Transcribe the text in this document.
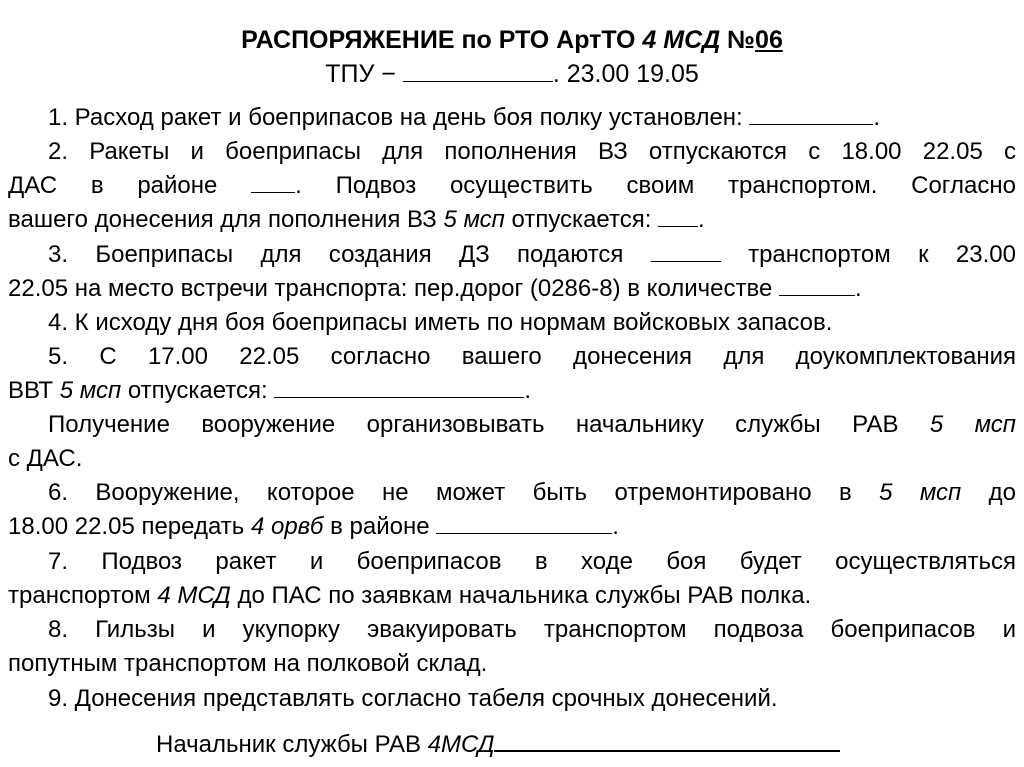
РАСПОРЯЖЕНИЕ по РТО АртТО 4 МСД №06
ТПУ −	. 23.00 19.05
1. Расход ракет и боеприпасов на день боя полку установлен:	.
2. Ракеты и боеприпасы для пополнения ВЗ отпускаются с 18.00 22.05 с
ДАС в районе . Подвоз осуществить своим транспортом. Согласно
вашего донесения для пополнения ВЗ 5 мсп отпускается: .
3. Боеприпасы для создания ДЗ подаются	транспортом к 23.00
22.05 на место встречи транспорта: пер.дорог (0286-8) в количестве	.
4. К исходу дня боя боеприпасы иметь по нормам войсковых запасов.
5. С 17.00 22.05 согласно вашего донесения для доукомплектования
ВВТ 5 мсп отпускается:	.
Получение вооружение организовывать начальнику службы РАВ 5 мсп
с ДАС.
6. Вооружение, которое не может быть отремонтировано в 5 мсп до
18.00 22.05 передать 4 орвб в районе	.
7. Подвоз ракет и боеприпасов в ходе боя будет осуществляться
транспортом 4 МСД до ПАС по заявкам начальника службы РАВ полка.
8. Гильзы и укупорку эвакуировать транспортом подвоза боеприпасов и
попутным транспортом на полковой склад.
9. Донесения представлять согласно табеля срочных донесений.
Начальник службы РАВ 4МСД
